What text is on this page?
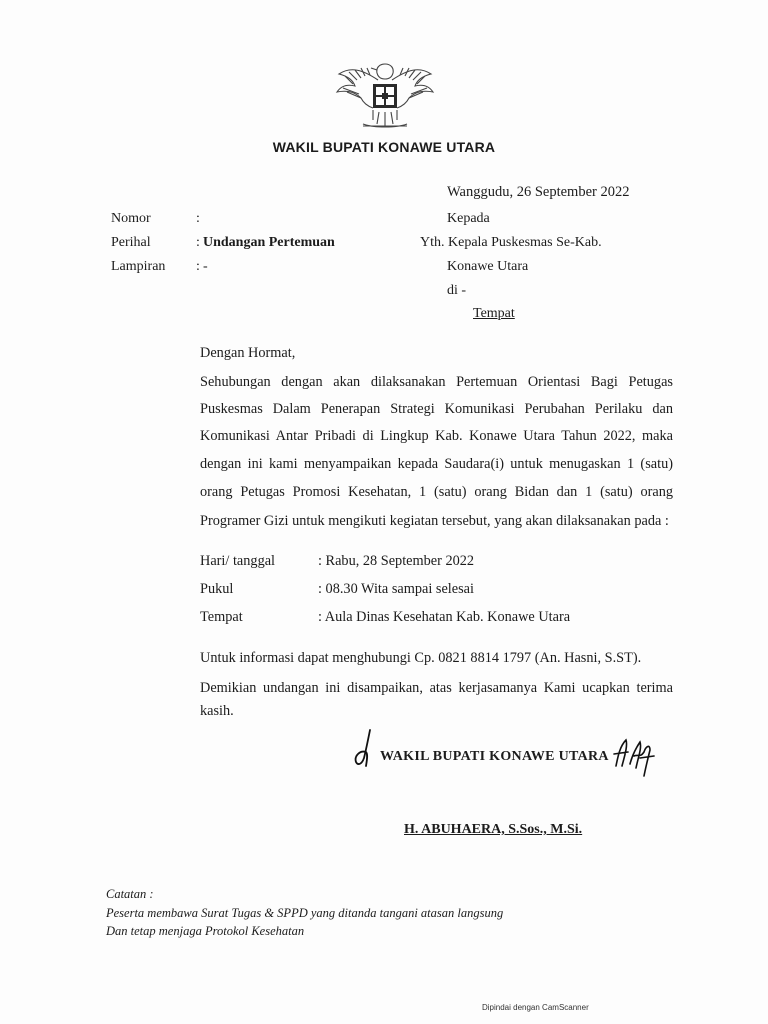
WAKIL BUPATI KONAWE UTARA
Wanggudu, 26 September 2022
Nomor	:
Perihal	: Undangan Pertemuan
Lampiran : -
Kepada
Yth. Kepala Puskesmas Se-Kab.
Konawe Utara
di -
Tempat
Dengan Hormat,
Sehubungan dengan akan dilaksanakan Pertemuan Orientasi Bagi Petugas
Puskesmas Dalam Penerapan Strategi Komunikasi Perubahan Perilaku dan
Komunikasi Antar Pribadi di Lingkup Kab. Konawe Utara Tahun 2022, maka
dengan ini kami menyampaikan kepada Saudara(i) untuk menugaskan 1 (satu)
orang Petugas Promosi Kesehatan, 1 (satu) orang Bidan dan 1 (satu) orang
Programer Gizi untuk mengikuti kegiatan tersebut, yang akan dilaksanakan pada :
Hari/ tanggal	: Rabu, 28 September 2022
Pukul	: 08.30 Wita sampai selesai
Tempat	: Aula Dinas Kesehatan Kab. Konawe Utara
Untuk informasi dapat menghubungi Cp. 0821 8814 1797 (An. Hasni, S.ST).
Demikian undangan ini disampaikan, atas kerjasamanya Kami ucapkan terima
kasih.
WAKIL BUPATI KONAWE UTARA
H. ABUHAERA, S.Sos., M.Si.
Catatan :
Peserta membawa Surat Tugas & SPPD yang ditanda tangani atasan langsung
Dan tetap menjaga Protokol Kesehatan
Dipindai dengan CamScanner
